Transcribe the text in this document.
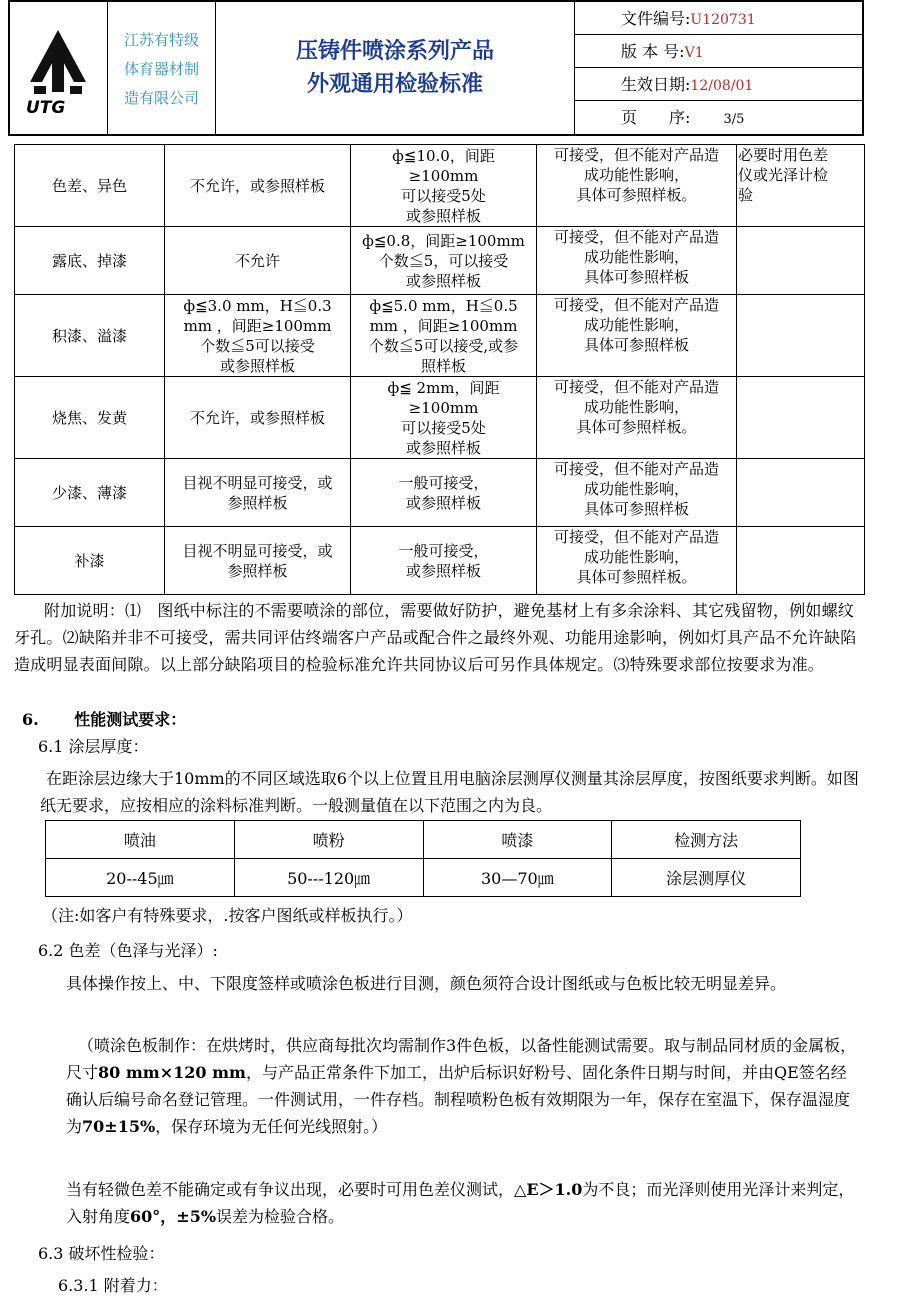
UTG
江苏有特级
体育器材制
造有限公司
压铸件喷涂系列产品
外观通用检验标准
文件编号:U120731
版 本 号:V1
生效日期:12/08/01
页　　序:	3/5
色差、异色	不允许，或参照样板	ф≦10.0，间距
≥100mm
可以接受5处
或参照样板	可接受，但不能对产品造
成功能性影响，
具体可参照样板。	必要时用色差
仪或光泽计检
验
露底、掉漆	不允许	ф≦0.8，间距≥100mm
个数≦5，可以接受
或参照样板	可接受，但不能对产品造
成功能性影响，
具体可参照样板	
积漆、溢漆	ф≦3.0 mm，H≦0.3
mm ，间距≥100mm
个数≦5可以接受
或参照样板	ф≦5.0 mm，H≦0.5
mm ，间距≥100mm
个数≦5可以接受,或参
照样板	可接受，但不能对产品造
成功能性影响，
具体可参照样板	
烧焦、发黄	不允许，或参照样板	ф≦ 2mm，间距
≥100mm
可以接受5处
或参照样板	可接受，但不能对产品造
成功能性影响，
具体可参照样板。	
少漆、薄漆	目视不明显可接受，或
参照样板	一般可接受，
或参照样板	可接受，但不能对产品造
成功能性影响，
具体可参照样板	
补漆	目视不明显可接受，或
参照样板	一般可接受，
或参照样板	可接受，但不能对产品造
成功能性影响，
具体可参照样板。	
附加说明：⑴　图纸中标注的不需要喷涂的部位，需要做好防护，避免基材上有多余涂料、其它残留物，例如螺纹牙孔。⑵缺陷并非不可接受，需共同评估终端客户产品或配合件之最终外观、功能用途影响，例如灯具产品不允许缺陷造成明显表面间隙。以上部分缺陷项目的检验标准允许共同协议后可另作具体规定。⑶特殊要求部位按要求为准。
6. 性能测试要求：
6.1 涂层厚度：
在距涂层边缘大于10mm的不同区域选取6个以上位置且用电脑涂层测厚仪测量其涂层厚度，按图纸要求判断。如图纸无要求，应按相应的涂料标准判断。一般测量值在以下范围之内为良。
喷油	喷粉	喷漆	检测方法
20--45㎛	50---120㎛	30—70㎛	涂层测厚仪
（注:如客户有特殊要求，.按客户图纸或样板执行。）
6.2 色差（色泽与光泽）:
具体操作按上、中、下限度签样或喷涂色板进行目测，颜色须符合设计图纸或与色板比较无明显差异。
（喷涂色板制作：在烘烤时，供应商每批次均需制作3件色板，以备性能测试需要。取与制品同材质的金属板，尺寸80 mm×120 mm，与产品正常条件下加工，出炉后标识好粉号、固化条件日期与时间，并由QE签名经确认后编号命名登记管理。一件测试用，一件存档。制程喷粉色板有效期限为一年，保存在室温下，保存温湿度为70±15%，保存环境为无任何光线照射。）
当有轻微色差不能确定或有争议出现，必要时可用色差仪测试，△E＞1.0为不良；而光泽则使用光泽计来判定，入射角度60°，±5%误差为检验合格。
6.3 破坏性检验：
6.3.1 附着力：
